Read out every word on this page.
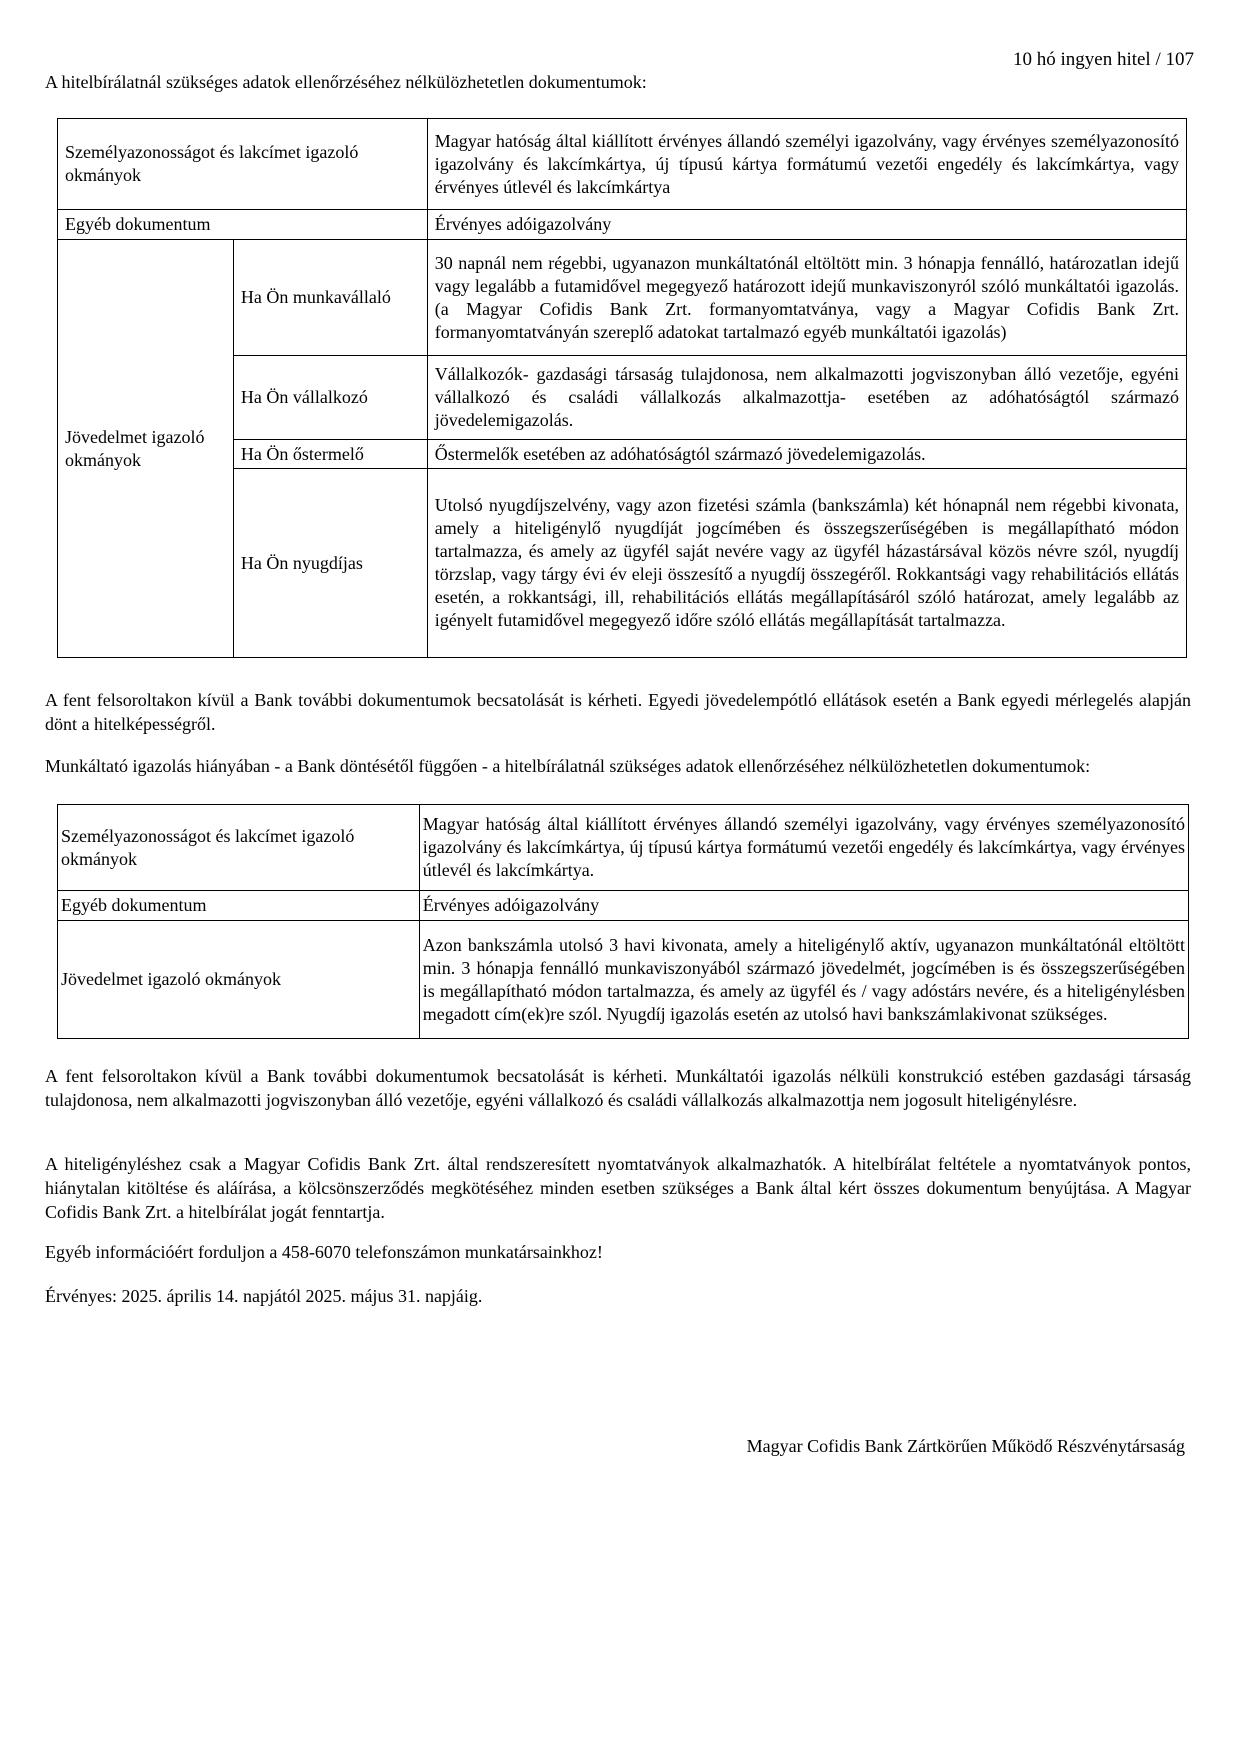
10 hó ingyen hitel / 107
A hitelbírálatnál szükséges adatok ellenőrzéséhez nélkülözhetetlen dokumentumok:
Személyazonosságot és lakcímet igazoló okmányok		Magyar hatóság által kiállított érvényes állandó személyi igazolvány, vagy érvényes személyazonosító igazolvány és lakcímkártya, új típusú kártya formátumú vezetői engedély és lakcímkártya, vagy érvényes útlevél és lakcímkártya
Egyéb dokumentum		Érvényes adóigazolvány
Jövedelmet igazoló okmányok	Ha Ön munkavállaló	30 napnál nem régebbi, ugyanazon munkáltatónál eltöltött min. 3 hónapja fennálló, határozatlan idejű vagy legalább a futamidővel megegyező határozott idejű munkaviszonyról szóló munkáltatói igazolás. (a Magyar Cofidis Bank Zrt. formanyomtatványa, vagy a Magyar Cofidis Bank Zrt. formanyomtatványán szereplő adatokat tartalmazó egyéb munkáltatói igazolás)
	Ha Ön vállalkozó	Vállalkozók- gazdasági társaság tulajdonosa, nem alkalmazotti jogviszonyban álló vezetője, egyéni vállalkozó és családi vállalkozás alkalmazottja- esetében az adóhatóságtól származó jövedelemigazolás.
	Ha Ön őstermelő	Őstermelők esetében az adóhatóságtól származó jövedelemigazolás.
	Ha Ön nyugdíjas	Utolsó nyugdíjszelvény, vagy azon fizetési számla (bankszámla) két hónapnál nem régebbi kivonata, amely a hiteligénylő nyugdíját jogcímében és összegszerűségében is megállapítható módon tartalmazza, és amely az ügyfél saját nevére vagy az ügyfél házastársával közös névre szól, nyugdíj törzslap, vagy tárgy évi év eleji összesítő a nyugdíj összegéről. Rokkantsági vagy rehabilitációs ellátás esetén, a rokkantsági, ill, rehabilitációs ellátás megállapításáról szóló határozat, amely legalább az igényelt futamidővel megegyező időre szóló ellátás megállapítását tartalmazza.

A fent felsoroltakon kívül a Bank további dokumentumok becsatolását is kérheti. Egyedi jövedelempótló ellátások esetén a Bank egyedi mérlegelés alapján dönt a hitelképességről.

Munkáltató igazolás hiányában - a Bank döntésétől függően - a hitelbírálatnál szükséges adatok ellenőrzéséhez nélkülözhetetlen dokumentumok:

Személyazonosságot és lakcímet igazoló okmányok	Magyar hatóság által kiállított érvényes állandó személyi igazolvány, vagy érvényes személyazonosító igazolvány és lakcímkártya, új típusú kártya formátumú vezetői engedély és lakcímkártya, vagy érvényes útlevél és lakcímkártya.
Egyéb dokumentum	Érvényes adóigazolvány
Jövedelmet igazoló okmányok	Azon bankszámla utolsó 3 havi kivonata, amely a hiteligénylő aktív, ugyanazon munkáltatónál eltöltött min. 3 hónapja fennálló munkaviszonyából származó jövedelmét, jogcímében is és összegszerűségében is megállapítható módon tartalmazza, és amely az ügyfél és / vagy adóstárs nevére, és a hiteligénylésben megadott cím(ek)re szól. Nyugdíj igazolás esetén az utolsó havi bankszámlakivonat szükséges.

A fent felsoroltakon kívül a Bank további dokumentumok becsatolását is kérheti. Munkáltatói igazolás nélküli konstrukció estében gazdasági társaság tulajdonosa, nem alkalmazotti jogviszonyban álló vezetője, egyéni vállalkozó és családi vállalkozás alkalmazottja nem jogosult hiteligénylésre.

A hiteligényléshez csak a Magyar Cofidis Bank Zrt. által rendszeresített nyomtatványok alkalmazhatók. A hitelbírálat feltétele a nyomtatványok pontos, hiánytalan kitöltése és aláírása, a kölcsönszerződés megkötéséhez minden esetben szükséges a Bank által kért összes dokumentum benyújtása. A Magyar Cofidis Bank Zrt. a hitelbírálat jogát fenntartja.

Egyéb információért forduljon a 458-6070 telefonszámon munkatársainkhoz!

Érvényes: 2025. április 14. napjától 2025. május 31. napjáig.

Magyar Cofidis Bank Zártkörűen Működő Részvénytársaság
